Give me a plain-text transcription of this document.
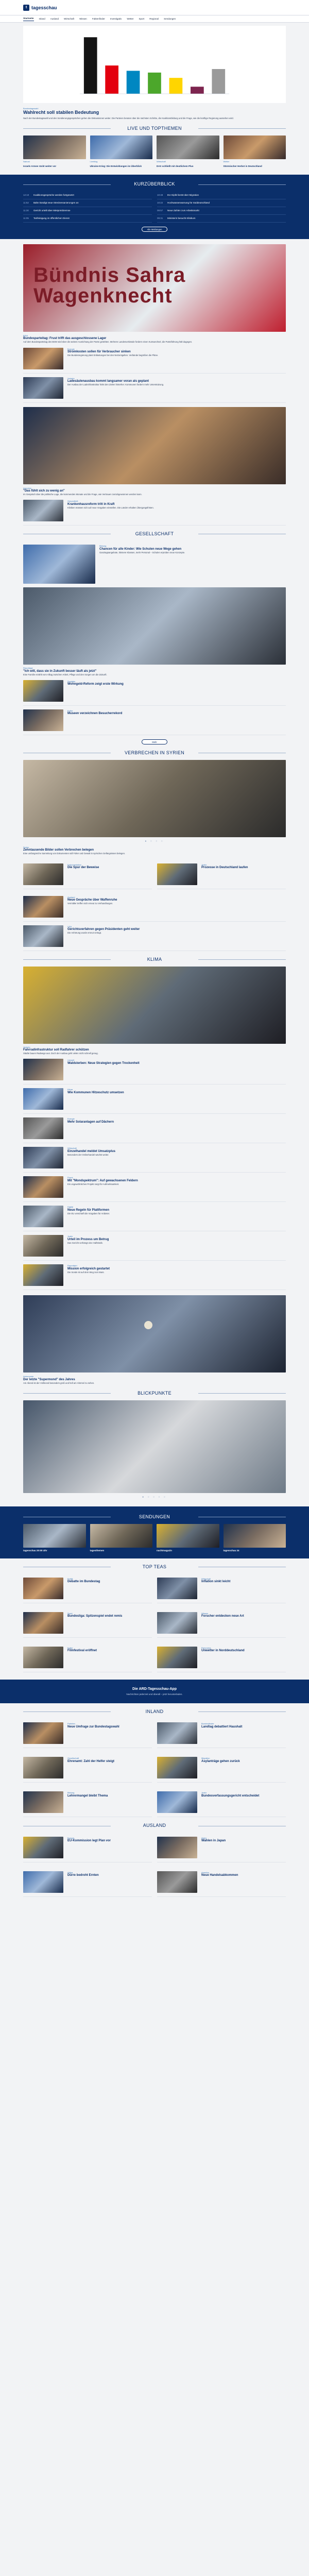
t tagesschau
Startseite Inland Ausland Wirtschaft Wissen Faktenfinder Investigativ Wetter Sport Regional Sendungen
Bundestagswahl
Wahlrecht soll stabilen Bedeutung
Nach der Bundestagswahl und den Sondierungsgesprächen gehen die Diskussionen weiter. Die Parteien beraten über die nächsten Schritte, die Koalitionsbildung und die Frage, wie die künftige Regierung aussehen wird.
LIVE UND TOPTHEMEN
Nahost
Israels Armee rückt weiter vor
Liveblog
Ukraine-Krieg: Die Entwicklungen im Überblick
Wirtschaft
DAX schließt mit deutlichem Plus
Wetter
Stürmischer Herbst in Deutschland
KURZÜBERBLICK
12:10	Koalitionsgespräche werden fortgesetzt
11:52	Bahn kündigt neue Streckensanierungen an
11:30	Gericht urteilt über Mietpreisbremse
11:05	Tarifeinigung im öffentlichen Dienst
10:48	EU-Gipfel berät über Migration
10:22	Hochwasserwarnung für Süddeutschland
09:57	Neue Zahlen zum Arbeitsmarkt
09:31	Ministerin besucht Klinikum
Alle Meldungen
Bündnis Sahra Wagenknecht
BSW
Bundesparteitag: Frust trifft das ausgeschlossene Lager
Auf dem Bundesparteitag des BSW wird über die weitere Ausrichtung der Partei gestritten. Mehrere Landesverbände fordern einen Kurswechsel, die Parteiführung hält dagegen.
Energie
Stromkosten sollen für Verbraucher sinken
Die Bundesregierung plant Entlastungen bei den Netzentgelten. Verbände begrüßen die Pläne.
Verkehr
Ladesäulenausbau kommt langsamer voran als geplant
Der Ausbau der Ladeinfrastruktur hinkt den Zielen hinterher. Kommunen fordern mehr Unterstützung.
Interview
"Das fühlt sich zu wenig an"
Im Gespräch über die politische Lage, die kommenden Monate und die Frage, wie Vertrauen zurückgewonnen werden kann.
Gesundheit
Krankenhausreform tritt in Kraft
Kliniken müssen sich auf neue Vorgaben einstellen. Die Länder erhalten Übergangsfristen.
GESELLSCHAFT
Bildung
Chancen für alle Kinder: Wie Schulen neue Wege gehen
Ganztagsangebote, kleinere Klassen, mehr Personal – Schulen erproben neue Konzepte.
Reportage
"Ich will, dass sie in Zukunft besser läuft als jetzt"
Eine Familie erzählt vom Alltag zwischen Arbeit, Pflege und den Sorgen um die Zukunft.
Soziales
Wohngeld-Reform zeigt erste Wirkung
Kultur
Museen verzeichnen Besucherrekord
Mehr
VERBRECHEN IN SYRIEN
● ○ ○ ○
Syrien
Zehntausende Bilder sollen Verbrechen belegen
Eine umfangreiche Sammlung von Dokumenten soll Folter und Gewalt in syrischen Gefängnissen belegen.
Dokumentation
Die Spur der Beweise
Justiz
Prozesse in Deutschland laufen
Ausland
Neue Gespräche über Waffenruhe
Vermittler treffen sich erneut zu Verhandlungen.
USA
Gerichtsverfahren gegen Präsidenten geht weiter
Die Anhörung wurde erneut vertagt.
KLIMA
Verkehr
Fahrradinfrastruktur soll Radfahrer schützen
Städte bauen Radwege aus. Doch der Ausbau geht vielen nicht schnell genug.
Umwelt
Waldsterben: Neue Strategien gegen Trockenheit
Klima
Wie Kommunen Hitzeschutz umsetzen
Energie
Mehr Solaranlagen auf Dächern
Wirtschaft
Einzelhandel meldet Umsatzplus
Besonders der Onlinehandel wächst weiter.
Promi
Mit "Mondspektrum": Auf gewachsenen Feldern
Ein ungewöhnliches Projekt sorgt für Aufmerksamkeit.
Digital
Neue Regeln für Plattformen
Die EU verschärft die Vorgaben für Anbieter.
Justiz
Urteil im Prozess um Betrug
Das Gericht verhängt eine Haftstrafe.
Raumfahrt
Mission erfolgreich gestartet
Die Sonde ist auf dem Weg zum Mars.
Astronomie
Der letzte "Supermond" des Jahres
Am Abend ist der Vollmond besonders groß und hell am Himmel zu sehen.
BLICKPUNKTE
● ○ ○ ○ ○
SENDUNGEN
tagesschau 20:00 Uhr	tagesthemen	nachtmagazin	tagesschau 24
TOP TEAS
Politik
Debatte im Bundestag
Wirtschaft
Inflation sinkt leicht
Sport
Bundesliga: Spitzenspiel endet remis
Wissen
Forscher entdecken neue Art
Kultur
Filmfestival eröffnet
Panorama
Unwetter in Norddeutschland
Die ARD-Tagesschau-App
Nachrichten jederzeit und überall – jetzt herunterladen.
INLAND
Parteien
Neue Umfrage zur Bundestagswahl
Bundesländer
Landtag debattiert Haushalt
Gesellschaft
Ehrenamt: Zahl der Helfer steigt
Migration
Asylanträge gehen zurück
Bildung
Lehrermangel bleibt Thema
Justiz
Bundesverfassungsgericht entscheidet
AUSLAND
Europa
EU-Kommission legt Plan vor
Asien
Wahlen in Japan
Afrika
Dürre bedroht Ernten
Amerika
Neue Handelsabkommen
